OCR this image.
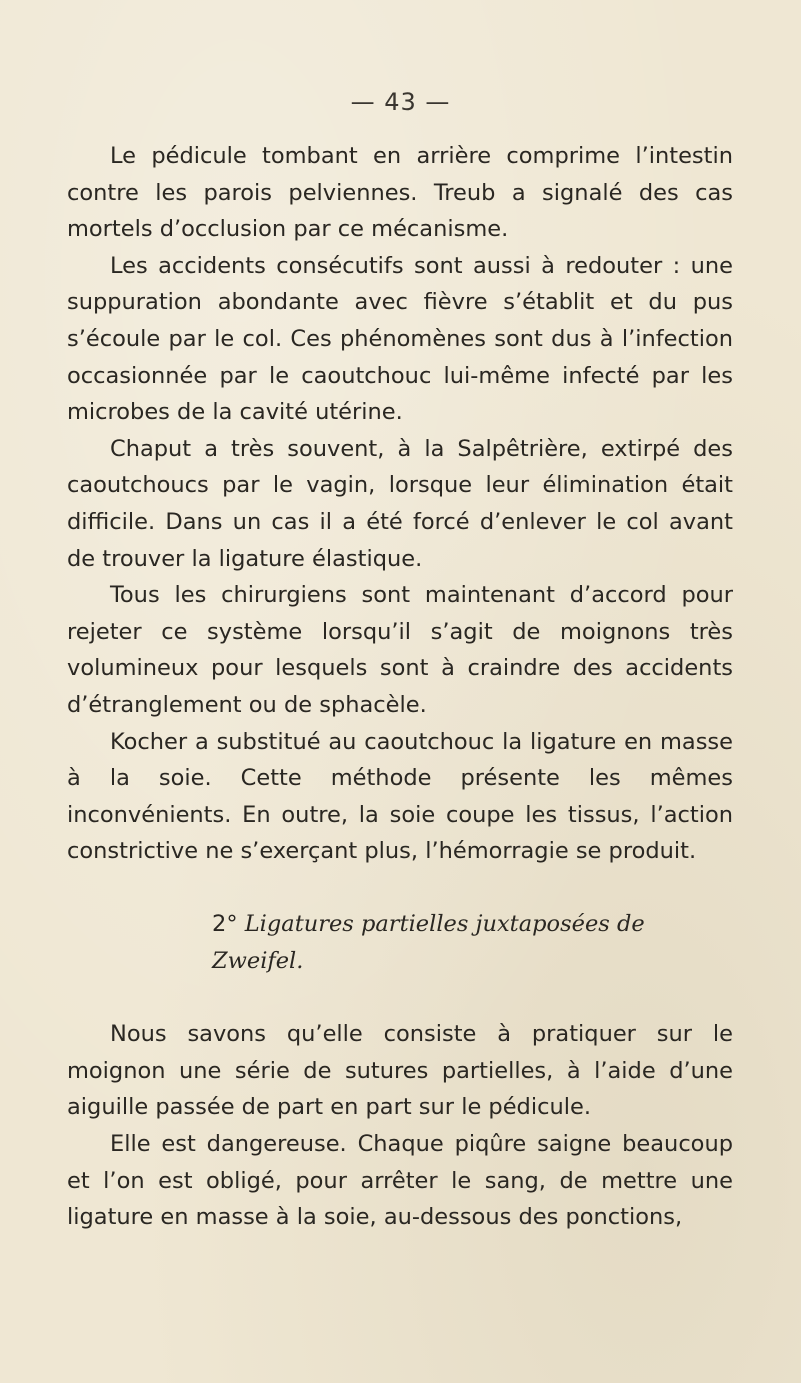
— 43 —

Le pédicule tombant en arrière comprime l’intestin contre les parois pelviennes. Treub a signalé des cas mortels d’occlusion par ce mécanisme.

Les accidents consécutifs sont aussi à redouter : une suppuration abondante avec fièvre s’établit et du pus s’écoule par le col. Ces phénomènes sont dus à l’infection occasionnée par le caoutchouc lui-même infecté par les microbes de la cavité utérine.

Chaput a très souvent, à la Salpêtrière, extirpé des caoutchoucs par le vagin, lorsque leur élimination était difficile. Dans un cas il a été forcé d’enlever le col avant de trouver la ligature élastique.

Tous les chirurgiens sont maintenant d’accord pour rejeter ce système lorsqu’il s’agit de moignons très volumineux pour lesquels sont à craindre des accidents d’étranglement ou de sphacèle.

Kocher a substitué au caoutchouc la ligature en masse à la soie. Cette méthode présente les mêmes inconvénients. En outre, la soie coupe les tissus, l’action constrictive ne s’exerçant plus, l’hémorragie se produit.

2° Ligatures partielles juxtaposées de Zweifel.

Nous savons qu’elle consiste à pratiquer sur le moignon une série de sutures partielles, à l’aide d’une aiguille passée de part en part sur le pédicule.

Elle est dangereuse. Chaque piqûre saigne beaucoup et l’on est obligé, pour arrêter le sang, de mettre une ligature en masse à la soie, au-dessous des ponctions,
